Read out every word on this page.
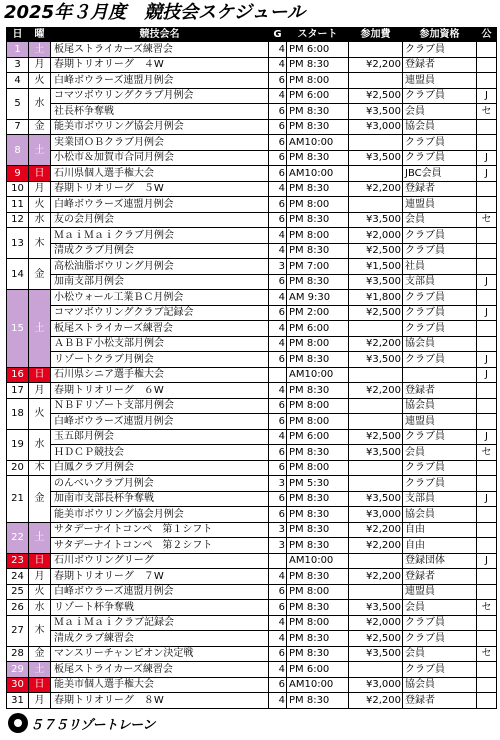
2025年３月度　競技会スケジュール
日	曜	競技会名	G	スタート	参加費	参加資格	公
1	土	板尾ストライカーズ練習会	4	PM 6:00		クラブ員	
3	月	春期トリオリーグ　４W	4	PM 8:30	¥2,200	登録者	
4	火	白峰ボウラーズ連盟月例会	6	PM 8:00		連盟員	
5	水	コマツボウリングクラブ月例会	4	PM 6:00	¥2,500	クラブ員	J
		社長杯争奪戦	6	PM 8:30	¥3,500	会員	セ
7	金	能美市ボウリング協会月例会	6	PM 8:30	¥3,000	協会員	
8	土	実業団ＯＢクラブ月例会	6	AM10:00		クラブ員	
		小松市＆加賀市合同月例会	6	PM 8:30	¥3,500	クラブ員	J
9	日	石川県個人選手権大会	6	AM10:00		JBC会員	J
10	月	春期トリオリーグ　５W	4	PM 8:30	¥2,200	登録者	
11	火	白峰ボウラーズ連盟月例会	6	PM 8:00		連盟員	
12	水	友の会月例会	6	PM 8:30	¥3,500	会員	セ
13	木	ＭａｉＭａｉクラブ月例会	4	PM 8:00	¥2,000	クラブ員	
		清成クラブ月例会	4	PM 8:30	¥2,500	クラブ員	
14	金	高松油脂ボウリング月例会	3	PM 7:00	¥1,500	社員	
		加南支部月例会	6	PM 8:30	¥3,500	支部員	J
15	土	小松ウォール工業ＢＣ月例会	4	AM 9:30	¥1,800	クラブ員	
		コマツボウリングクラブ記録会	6	PM 2:00	¥2,500	クラブ員	J
		板尾ストライカーズ練習会	4	PM 6:00		クラブ員	
		ＡＢＢＦ小松支部月例会	4	PM 8:00	¥2,200	協会員	
		リゾートクラブ月例会	6	PM 8:30	¥3,500	クラブ員	J
16	日	石川県シニア選手権大会		AM10:00			J
17	月	春期トリオリーグ　６W	4	PM 8:30	¥2,200	登録者	
18	火	ＮＢＦリゾート支部月例会	6	PM 8:00		協会員	
		白峰ボウラーズ連盟月例会	6	PM 8:00		連盟員	
19	水	玉五郎月例会	4	PM 6:00	¥2,500	クラブ員	J
		ＨＤＣＰ競技会	6	PM 8:30	¥3,500	会員	セ
20	木	白鳳クラブ月例会	6	PM 8:00		クラブ員	
21	金	のんべいクラブ月例会	3	PM 5:30		クラブ員	
		加南市支部長杯争奪戦	6	PM 8:30	¥3,500	支部員	J
		能美市ボウリング協会月例会	6	PM 8:30	¥3,000	協会員	
22	土	サタデーナイトコンペ　第１シフト	3	PM 8:30	¥2,200	自由	
		サタデーナイトコンペ　第２シフト	3	PM 8:30	¥2,200	自由	
23	日	石川ボウリングリーグ		AM10:00		登録団体	J
24	月	春期トリオリーグ　７W	4	PM 8:30	¥2,200	登録者	
25	火	白峰ボウラーズ連盟月例会	6	PM 8:00		連盟員	
26	水	リゾート杯争奪戦	6	PM 8:30	¥3,500	会員	セ
27	木	ＭａｉＭａｉクラブ記録会	4	PM 8:00	¥2,000	クラブ員	
		清成クラブ練習会	4	PM 8:30	¥2,500	クラブ員	
28	金	マンスリーチャンピオン決定戦	6	PM 8:30	¥3,500	会員	セ
29	土	板尾ストライカーズ練習会	4	PM 6:00		クラブ員	
30	日	能美市個人選手権大会	6	AM10:00	¥3,000	協会員	
31	月	春期トリオリーグ　８W	4	PM 8:30	¥2,200	登録者	
５７５リゾートレーン
